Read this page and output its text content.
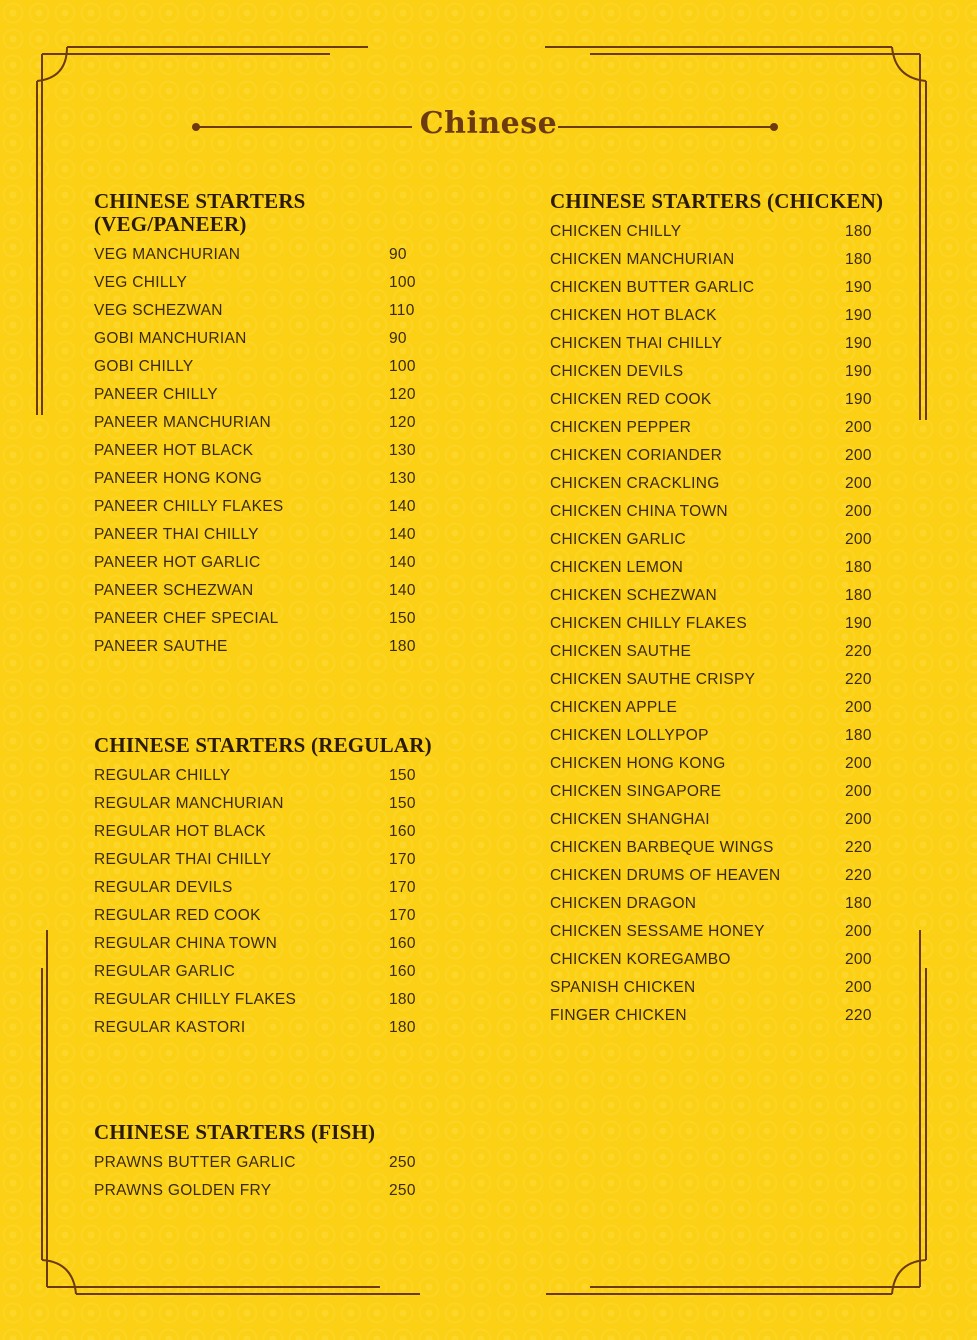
Chinese
CHINESE STARTERS (VEG/PANEER)
VEG MANCHURIAN	90
VEG CHILLY	100
VEG SCHEZWAN	110
GOBI MANCHURIAN	90
GOBI CHILLY	100
PANEER CHILLY	120
PANEER MANCHURIAN	120
PANEER HOT BLACK	130
PANEER HONG KONG	130
PANEER CHILLY FLAKES	140
PANEER THAI CHILLY	140
PANEER HOT GARLIC	140
PANEER SCHEZWAN	140
PANEER CHEF SPECIAL	150
PANEER SAUTHE	180
CHINESE STARTERS (REGULAR)
REGULAR CHILLY	150
REGULAR MANCHURIAN	150
REGULAR HOT BLACK	160
REGULAR THAI CHILLY	170
REGULAR DEVILS	170
REGULAR RED COOK	170
REGULAR CHINA TOWN	160
REGULAR GARLIC	160
REGULAR CHILLY FLAKES	180
REGULAR KASTORI	180
CHINESE STARTERS (FISH)
PRAWNS BUTTER GARLIC	250
PRAWNS GOLDEN FRY	250
CHINESE STARTERS (CHICKEN)
CHICKEN CHILLY	180
CHICKEN MANCHURIAN	180
CHICKEN BUTTER GARLIC	190
CHICKEN HOT BLACK	190
CHICKEN THAI CHILLY	190
CHICKEN DEVILS	190
CHICKEN RED COOK	190
CHICKEN PEPPER	200
CHICKEN CORIANDER	200
CHICKEN CRACKLING	200
CHICKEN CHINA TOWN	200
CHICKEN GARLIC	200
CHICKEN LEMON	180
CHICKEN SCHEZWAN	180
CHICKEN CHILLY FLAKES	190
CHICKEN SAUTHE	220
CHICKEN SAUTHE CRISPY	220
CHICKEN APPLE	200
CHICKEN LOLLYPOP	180
CHICKEN HONG KONG	200
CHICKEN SINGAPORE	200
CHICKEN SHANGHAI	200
CHICKEN BARBEQUE WINGS	220
CHICKEN DRUMS OF HEAVEN	220
CHICKEN DRAGON	180
CHICKEN SESSAME HONEY	200
CHICKEN KOREGAMBO	200
SPANISH CHICKEN	200
FINGER CHICKEN	220
